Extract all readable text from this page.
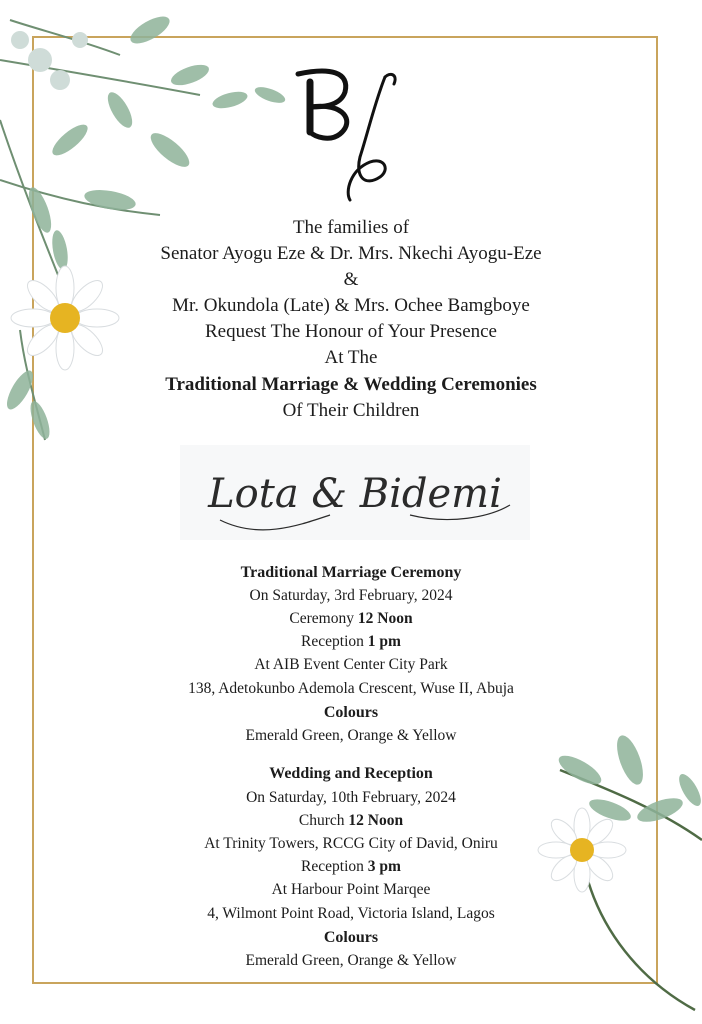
The families of
Senator Ayogu Eze & Dr. Mrs. Nkechi Ayogu-Eze
&
Mr. Okundola (Late) & Mrs. Ochee Bamgboye
Request The Honour of Your Presence
At The
Traditional Marriage & Wedding Ceremonies
Of Their Children
Lota & Bidemi
Traditional Marriage Ceremony
On Saturday, 3rd February, 2024
Ceremony 12 Noon
Reception 1 pm
At AIB Event Center City Park
138, Adetokunbo Ademola Crescent, Wuse II, Abuja
Colours
Emerald Green, Orange & Yellow
Wedding and Reception
On Saturday, 10th February, 2024
Church 12 Noon
At Trinity Towers, RCCG City of David, Oniru
Reception 3 pm
At Harbour Point Marqee
4, Wilmont Point Road, Victoria Island, Lagos
Colours
Emerald Green, Orange & Yellow
